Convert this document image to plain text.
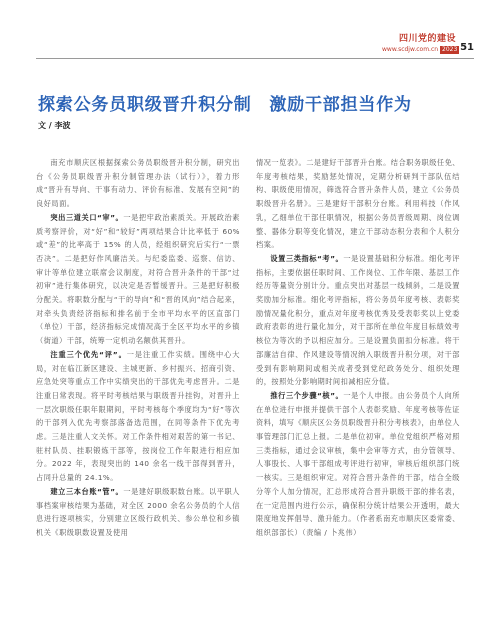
四川党的建设
www.scdjw.com.cn 2023 51
探索公务员职级晋升积分制　激励干部担当作为
文 / 李波

南充市顺庆区根据探索公务员职级晋升积分制，研究出台《公务员职级晋升积分制管理办法（试行）》，着力形成“晋升有导向、干事有动力、评价有标准、发展有空间”的良好局面。

突出三道关口“审”。一是把牢政治素质关。开展政治素质考察评价，对“好”和“较好”两项结果合计比率低于 60% 或“差”的比率高于 15% 的人员，经组织研究后实行“一票否决”。二是把好作风廉洁关。与纪委监委、巡察、信访、审计等单位建立联席会议制度，对符合晋升条件的干部“过初审”进行集体研究，以决定是否暂缓晋升。三是把好积极分配关。将职数分配与“干的导向”和“晋的风向”结合起来，对牵头负责经济指标和排名前于全市平均水平的区直部门（单位）干部，经济指标完成情况高于全区平均水平的乡镇（街道）干部，统筹一定机动名额供其晋升。

注重三个优先“评”。一是注重工作实绩。围绕中心大局，对在临江新区建设、主城更新、乡村振兴、招商引资、应急处突等重点工作中实绩突出的干部优先考虑晋升。二是注重日常表现。将平时考核结果与职级晋升挂钩，对晋升上一层次职级任职年限期间，平时考核每个季度均为“好”等次的干部列入优先考察部落备选范围，在同等条件下优先考虑。三是注重人文关怀。对工作条件相对艰苦的第一书记、驻村队员、挂职锻炼干部等，按岗位工作年限进行相应加分。2022 年，表现突出的 140 余名一线干部得到晋升，占同升总量的 24.1%。

建立三本台账“管”。一是建好职级职数台账。以平职人事档案审核结果为基础，对全区 2000 余名公务员的个人信息进行逐项核实，分别建立区级行政机关、参公单位和乡镇机关《职级职数设置及使用

情况一览表》。二是建好干部晋升台账。结合职务职级任免、年度考核结果，奖励惩处情况，定期分析研判干部队伍结构、职级使用情况，筛选符合晋升条件人员，建立《公务员职级晋升名册》。三是建好干部积分台账。利用科技（作风乳，乙细单位干部任职情况，根据公务员晋级周期、岗位调整、器体分职等变化情况，建立干部动态积分表和个人积分档案。

设置三类指标“考”。一是设置基础积分标准。细化考评指标，主要依据任职时间、工作岗位、工作年限、基层工作经历等量资分别计分。重点突出对基层一线倾斜，二是设置奖励加分标准。细化考评指标，将公务员年度考核、表彰奖励情况量化积分，重点对年度考核优秀及受表彰奖以上党委政府表彰的进行量化加分，对干部所在单位年度目标绩效考核位为等次的予以相应加分。三是设置负面扣分标准。将干部廉洁自律、作风建设等情况纳入职级晋升积分项，对干部受到有影响期间或相关成者受到党纪政务处分、组织处理的，按照处分影响期时间扣减相应分值。

推行三个步骤“核”。一是个人申报。由公务员个人向所在单位进行申报并提供干部个人表彰奖励、年度考核等佐证资料，填写《顺庆区公务员职级晋升积分考核表》，由单位人事管理部门汇总上报。二是单位初审。单位党组织严格对照三类指标，通过会议审核，集中会审等方式，由分管领导、人事股长、人事干部组成考评进行初审，审核后组织部门统一核实。三是组织审定。对符合晋升条件的干部，结合全级分等个人加分情况，汇总形成符合晋升职级干部的排名表，在一定范围内进行公示，确保积分统计结果公开透明，最大限度地发挥倡导、激升能力。（作者系南充市顺庆区委常委、组织部部长）（责编 / 卜兆伟）
